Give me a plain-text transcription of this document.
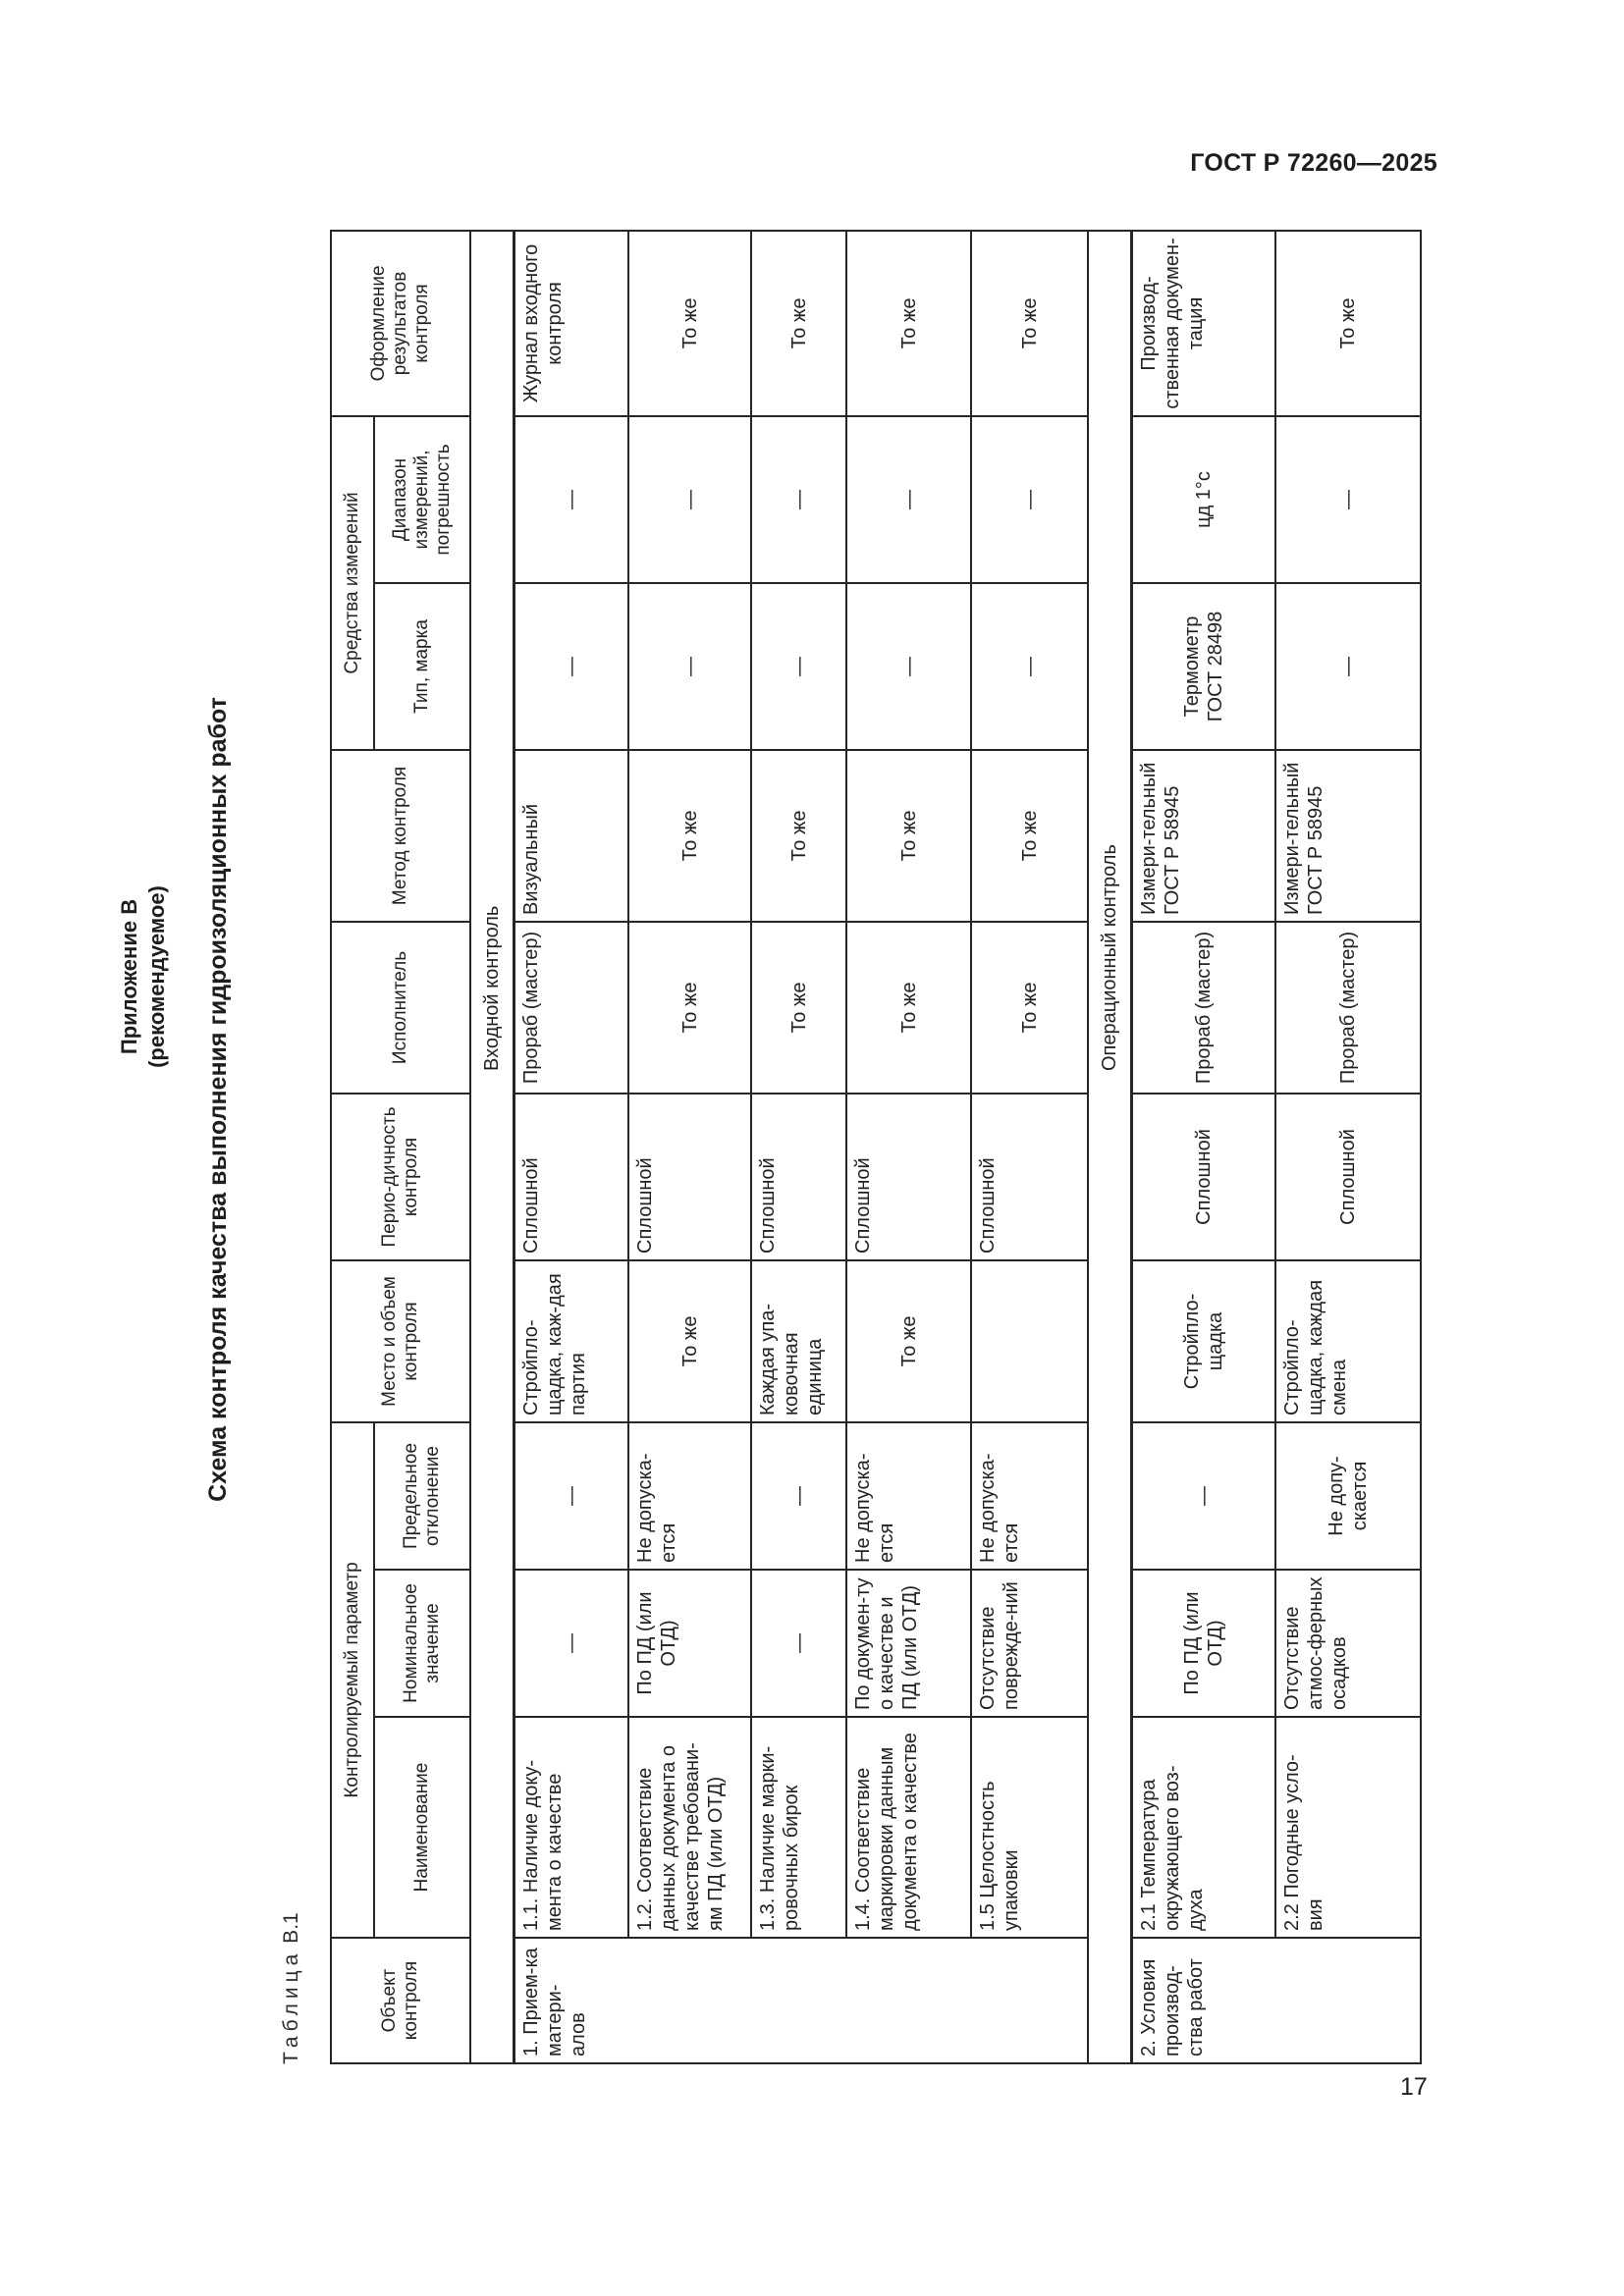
ГОСТ Р 72260—2025
Приложение В (рекомендуемое) Схема контроля качества выполнения гидроизоляционных работ
Таблица В.1
Объект контроля	Контролируемый параметр			Место и объем контроля	Перио-дичность контроля	Исполнитель	Метод контроля	Средства измерений		Оформление результатов контроля
	Наименование	Номинальное значение	Предельное отклонение					Тип, марка	Диапазон измерений, погрешность	
Входной контроль										
1. Прием-ка матери-алов	1.1. Наличие доку-мента о качестве	—	—	Стройпло-щадка, каж-дая партия	Сплошной	Прораб (мастер)	Визуальный	—	—	Журнал входного контроля
	1.2. Соответствие данных документа о качестве требовани-ям ПД (или ОТД)	По ПД (или ОТД)	Не допуска-ется	То же	Сплошной	То же	То же	—	—	То же
	1.3. Наличие марки-ровочных бирок	—	—	Каждая упа-ковочная единица	Сплошной	То же	То же	—	—	То же
	1.4. Соответствие маркировки данным документа о качестве	По докумен-ту о качестве и ПД (или ОТД)	Не допуска-ется	То же	Сплошной	То же	То же	—	—	То же
	1.5 Целостность упаковки	Отсутствие поврежде-ний	Не допуска-ется		Сплошной	То же	То же	—	—	То же
Операционный контроль										
2. Условия производ-ства работ	2.1 Температура окружающего воз-духа	По ПД (или ОТД)	—	Стройпло-щадка	Сплошной	Прораб (мастер)	Измери-тельный ГОСТ Р 58945	Термометр ГОСТ 28498	цд 1°с	Производ-ственная докумен-тация
	2.2 Погодные усло-вия	Отсутствие атмос-ферных осадков	Не допу-скается	Стройпло-щадка, каждая смена	Сплошной	Прораб (мастер)	Измери-тельный ГОСТ Р 58945	—	—	То же
17
